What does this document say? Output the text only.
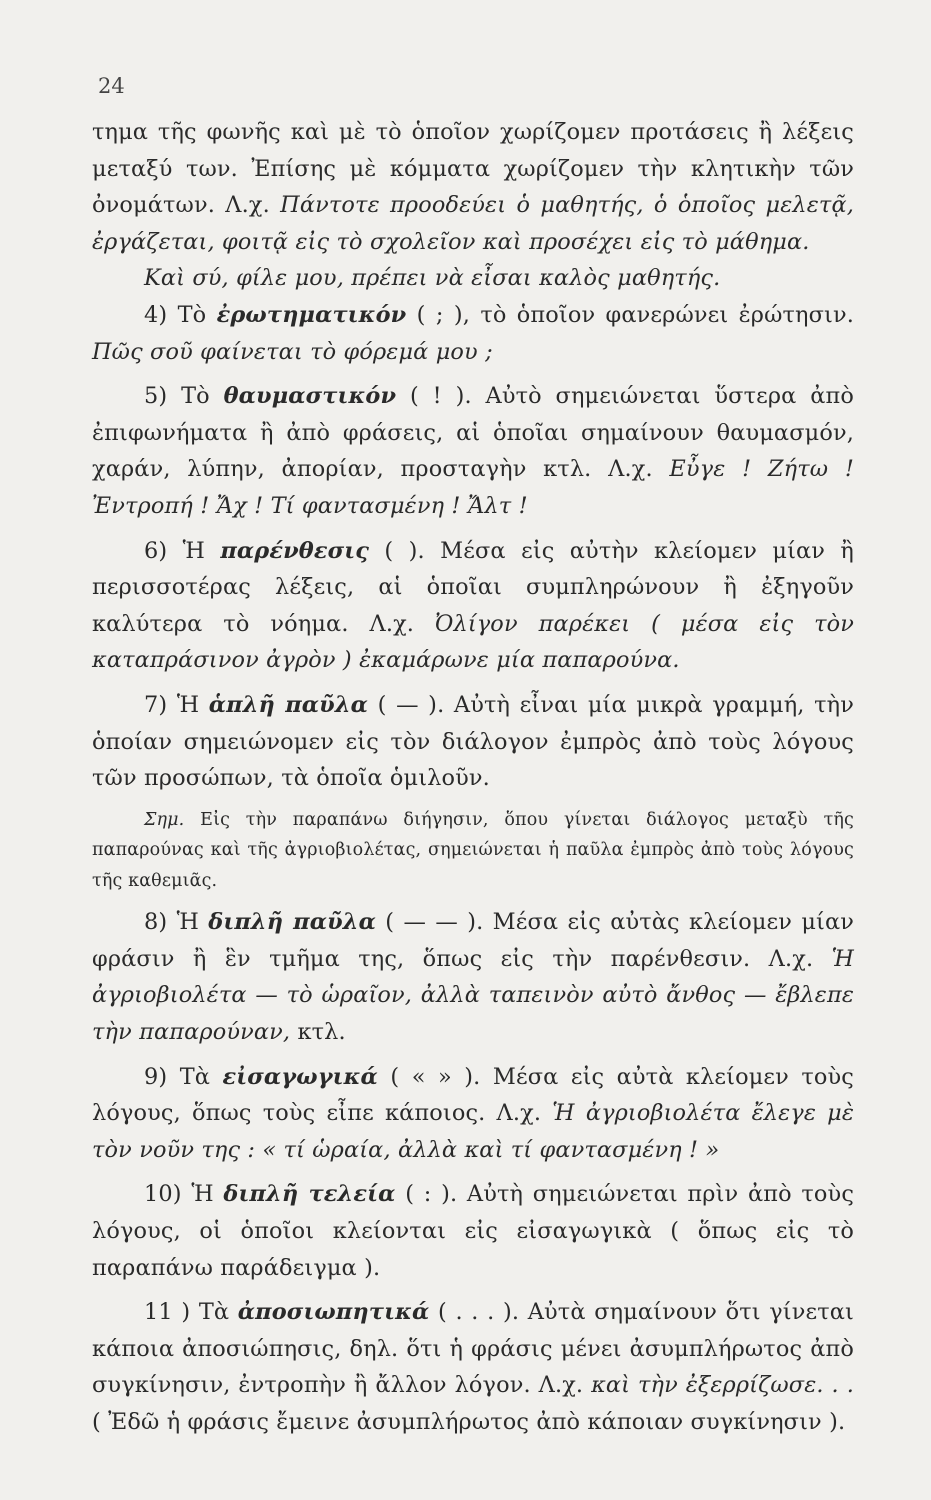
24

τημα τῆς φωνῆς καὶ μὲ τὸ ὁποῖον χωρίζομεν προτάσεις ἢ λέξεις μεταξύ των. Ἐπίσης μὲ κόμματα χωρίζομεν τὴν κλητικὴν τῶν ὀνομάτων. Λ.χ. Πάντοτε προοδεύει ὁ μαθητής, ὁ ὁποῖος μελετᾷ, ἐργάζεται, φοιτᾷ εἰς τὸ σχολεῖον καὶ προσέχει εἰς τὸ μάθημα.

Καὶ σύ, φίλε μου, πρέπει νὰ εἶσαι καλὸς μαθητής.

4) Τὸ ἐρωτηματικόν ( ; ), τὸ ὁποῖον φανερώνει ἐρώτησιν. Πῶς σοῦ φαίνεται τὸ φόρεμά μου ;

5) Τὸ θαυμαστικόν ( ! ). Αὐτὸ σημειώνεται ὕστερα ἀπὸ ἐπιφωνήματα ἢ ἀπὸ φράσεις, αἱ ὁποῖαι σημαίνουν θαυμασμόν, χαράν, λύπην, ἀπορίαν, προσταγὴν κτλ. Λ.χ. Εὖγε ! Ζήτω ! Ἐντροπή ! Ἄχ ! Τί φαντασμένη ! Ἄλτ !

6) Ἡ παρένθεσις ( ). Μέσα εἰς αὐτὴν κλείομεν μίαν ἢ περισσοτέρας λέξεις, αἱ ὁποῖαι συμπληρώνουν ἢ ἐξηγοῦν καλύτερα τὸ νόημα. Λ.χ. Ὀλίγον παρέκει ( μέσα εἰς τὸν καταπράσινον ἀγρὸν ) ἐκαμάρωνε μία παπαρούνα.

7) Ἡ ἁπλῆ παῦλα ( — ). Αὐτὴ εἶναι μία μικρὰ γραμμή, τὴν ὁποίαν σημειώνομεν εἰς τὸν διάλογον ἐμπρὸς ἀπὸ τοὺς λόγους τῶν προσώπων, τὰ ὁποῖα ὁμιλοῦν.

Σημ. Εἰς τὴν παραπάνω διήγησιν, ὅπου γίνεται διάλογος μεταξὺ τῆς παπαρούνας καὶ τῆς ἀγριοβιολέτας, σημειώνεται ἡ παῦλα ἐμπρὸς ἀπὸ τοὺς λόγους τῆς καθεμιᾶς.

8) Ἡ διπλῆ παῦλα ( — — ). Μέσα εἰς αὐτὰς κλείομεν μίαν φράσιν ἢ ἓν τμῆμα της, ὅπως εἰς τὴν παρένθεσιν. Λ.χ. Ἡ ἀγριοβιολέτα — τὸ ὡραῖον, ἀλλὰ ταπεινὸν αὐτὸ ἄνθος — ἔβλεπε τὴν παπαρούναν, κτλ.

9) Τὰ εἰσαγωγικά ( « » ). Μέσα εἰς αὐτὰ κλείομεν τοὺς λόγους, ὅπως τοὺς εἶπε κάποιος. Λ.χ. Ἡ ἀγριοβιολέτα ἔλεγε μὲ τὸν νοῦν της : « τί ὡραία, ἀλλὰ καὶ τί φαντασμένη ! »

10) Ἡ διπλῆ τελεία ( : ). Αὐτὴ σημειώνεται πρὶν ἀπὸ τοὺς λόγους, οἱ ὁποῖοι κλείονται εἰς εἰσαγωγικὰ ( ὅπως εἰς τὸ παραπάνω παράδειγμα ).

11 ) Τὰ ἀποσιωπητικά ( . . . ). Αὐτὰ σημαίνουν ὅτι γίνεται κάποια ἀποσιώπησις, δηλ. ὅτι ἡ φράσις μένει ἀσυμπλήρωτος ἀπὸ συγκίνησιν, ἐντροπὴν ἢ ἄλλον λόγον. Λ.χ. καὶ τὴν ἐξερρίζωσε. . . ( Ἐδῶ ἡ φράσις ἔμεινε ἀσυμπλήρωτος ἀπὸ κάποιαν συγκίνησιν ).
